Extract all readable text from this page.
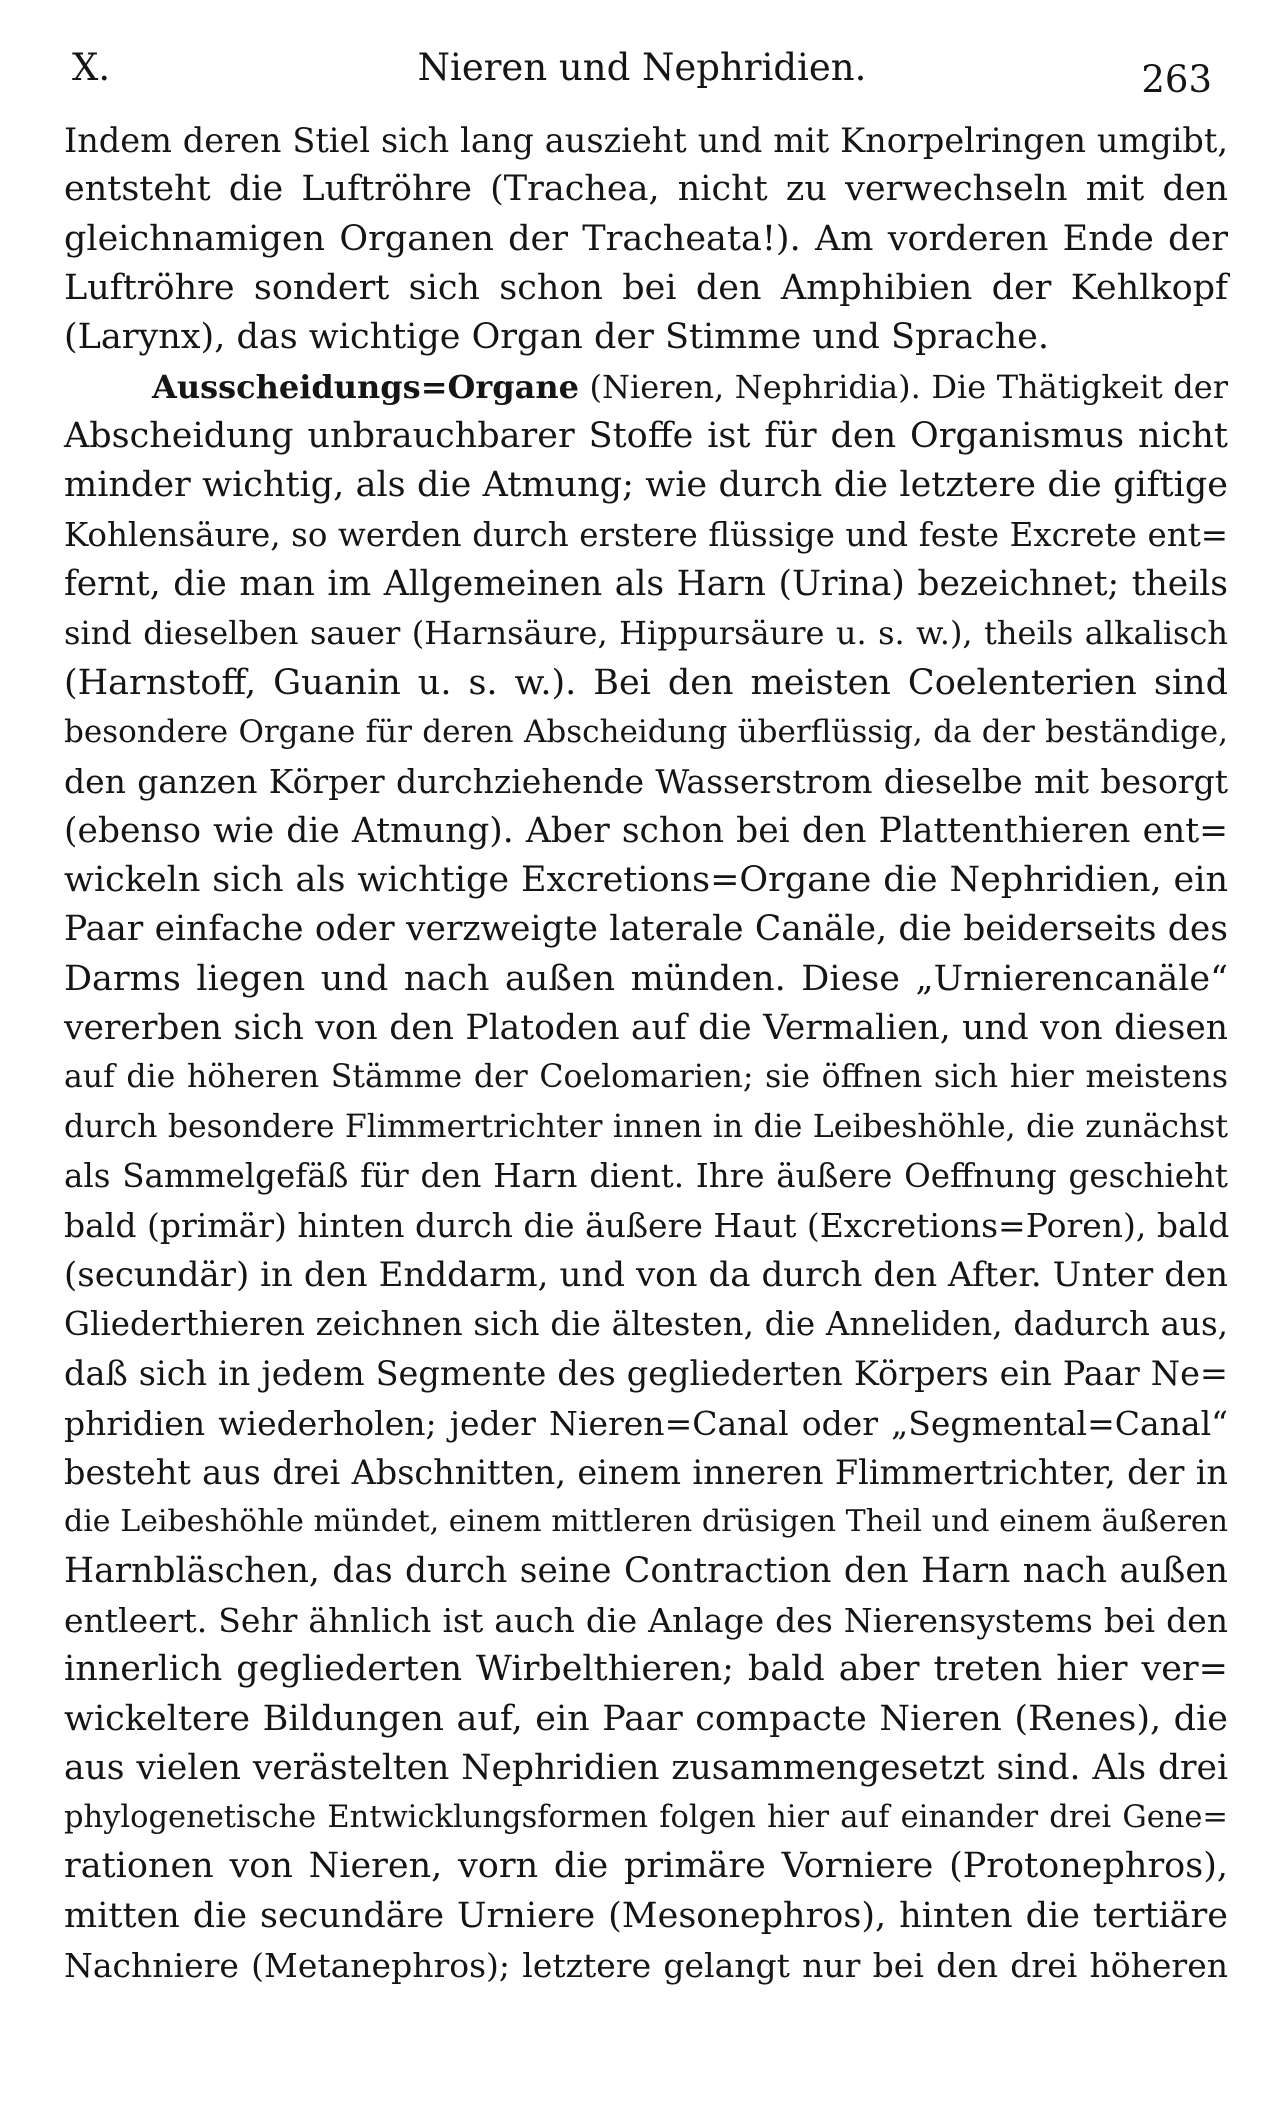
X.	Nieren und Nephridien.	263
Indem deren Stiel sich lang auszieht und mit Knorpelringen umgibt,
entsteht die Luftröhre (Trachea, nicht zu verwechseln mit den
gleichnamigen Organen der Tracheata!). Am vorderen Ende der
Luftröhre sondert sich schon bei den Amphibien der Kehlkopf
(Larynx), das wichtige Organ der Stimme und Sprache.
Ausscheidungs=Organe (Nieren, Nephridia). Die Thätigkeit der
Abscheidung unbrauchbarer Stoffe ist für den Organismus nicht
minder wichtig, als die Atmung; wie durch die letztere die giftige
Kohlensäure, so werden durch erstere flüssige und feste Excrete ent=
fernt, die man im Allgemeinen als Harn (Urina) bezeichnet; theils
sind dieselben sauer (Harnsäure, Hippursäure u. s. w.), theils alkalisch
(Harnstoff, Guanin u. s. w.). Bei den meisten Coelenterien sind
besondere Organe für deren Abscheidung überflüssig, da der beständige,
den ganzen Körper durchziehende Wasserstrom dieselbe mit besorgt
(ebenso wie die Atmung). Aber schon bei den Plattenthieren ent=
wickeln sich als wichtige Excretions=Organe die Nephridien, ein
Paar einfache oder verzweigte laterale Canäle, die beiderseits des
Darms liegen und nach außen münden. Diese „Urnierencanäle“
vererben sich von den Platoden auf die Vermalien, und von diesen
auf die höheren Stämme der Coelomarien; sie öffnen sich hier meistens
durch besondere Flimmertrichter innen in die Leibeshöhle, die zunächst
als Sammelgefäß für den Harn dient. Ihre äußere Oeffnung geschieht
bald (primär) hinten durch die äußere Haut (Excretions=Poren), bald
(secundär) in den Enddarm, und von da durch den After. Unter den
Gliederthieren zeichnen sich die ältesten, die Anneliden, dadurch aus,
daß sich in jedem Segmente des gegliederten Körpers ein Paar Ne=
phridien wiederholen; jeder Nieren=Canal oder „Segmental=Canal“
besteht aus drei Abschnitten, einem inneren Flimmertrichter, der in
die Leibeshöhle mündet, einem mittleren drüsigen Theil und einem äußeren
Harnbläschen, das durch seine Contraction den Harn nach außen
entleert. Sehr ähnlich ist auch die Anlage des Nierensystems bei den
innerlich gegliederten Wirbelthieren; bald aber treten hier ver=
wickeltere Bildungen auf, ein Paar compacte Nieren (Renes), die
aus vielen verästelten Nephridien zusammengesetzt sind. Als drei
phylogenetische Entwicklungsformen folgen hier auf einander drei Gene=
rationen von Nieren, vorn die primäre Vorniere (Protonephros),
mitten die secundäre Urniere (Mesonephros), hinten die tertiäre
Nachniere (Metanephros); letztere gelangt nur bei den drei höheren
